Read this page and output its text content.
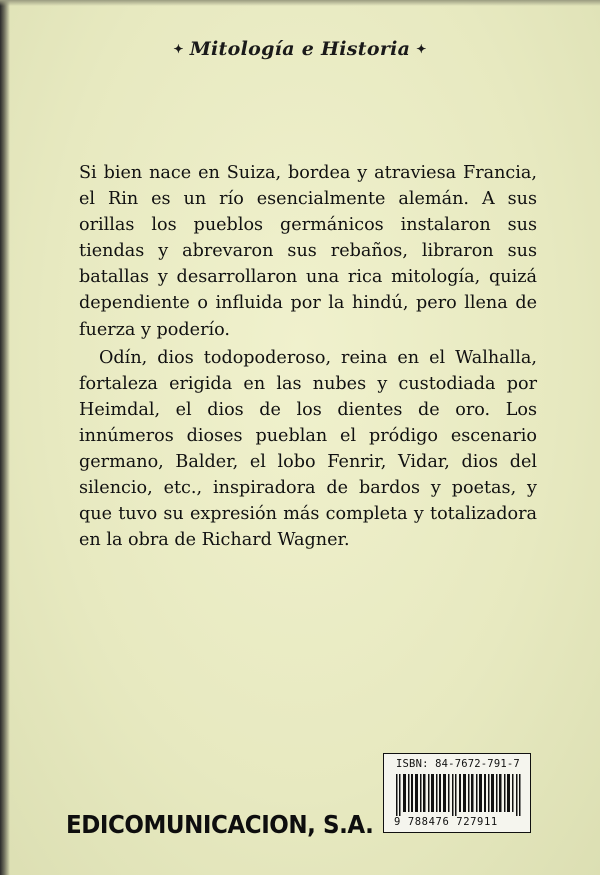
✦ Mitología e Historia ✦

Si bien nace en Suiza, bordea y atraviesa Francia, el Rin es un río esencialmente alemán. A sus orillas los pueblos germánicos instalaron sus tiendas y abrevaron sus rebaños, libraron sus batallas y desarrollaron una rica mitología, quizá dependiente o influida por la hindú, pero llena de fuerza y poderío.

Odín, dios todopoderoso, reina en el Walhalla, fortaleza erigida en las nubes y custodiada por Heimdal, el dios de los dientes de oro. Los innúmeros dioses pueblan el pródigo escenario germano, Balder, el lobo Fenrir, Vidar, dios del silencio, etc., inspiradora de bardos y poetas, y que tuvo su expresión más completa y totalizadora en la obra de Richard Wagner.

EDICOMUNICACION, S.A.
ISBN: 84-7672-791-7
9 788476 727911
